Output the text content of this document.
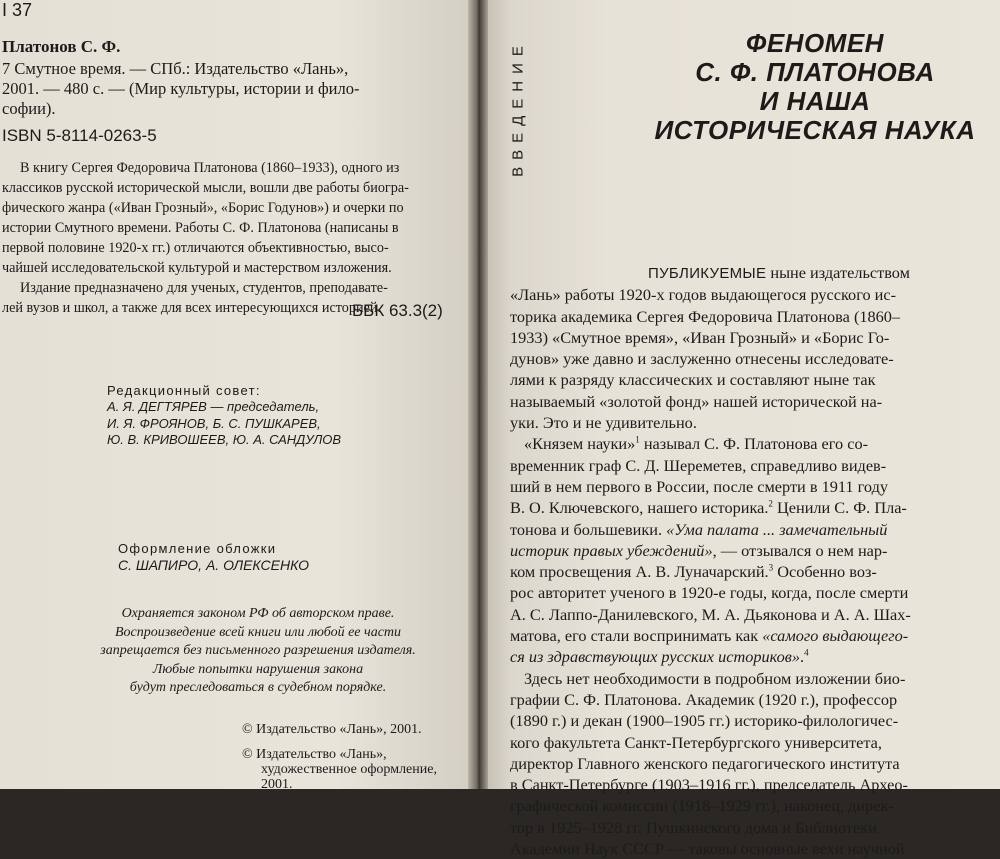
I 37
Платонов С. Ф.
7 Смутное время. — СПб.: Издательство «Лань»,
2001. — 480 с. — (Мир культуры, истории и фило-
софии).
ISBN 5-8114-0263-5
В книгу Сергея Федоровича Платонова (1860–1933), одного из
классиков русской исторической мысли, вошли две работы биогра-
фического жанра («Иван Грозный», «Борис Годунов») и очерки по
истории Смутного времени. Работы С. Ф. Платонова (написаны в
первой половине 1920-х гг.) отличаются объективностью, высо-
чайшей исследовательской культурой и мастерством изложения.
Издание предназначено для ученых, студентов, преподавате-
лей вузов и школ, а также для всех интересующихся историей.
ББК 63.3(2)
Редакционный совет:
А. Я. ДЕГТЯРЕВ — председатель,
И. Я. ФРОЯНОВ, Б. С. ПУШКАРЕВ,
Ю. В. КРИВОШЕЕВ, Ю. А. САНДУЛОВ
Оформление обложки
С. ШАПИРО, А. ОЛЕКСЕНКО
Охраняется законом РФ об авторском праве.
Воспроизведение всей книги или любой ее части
запрещается без письменного разрешения издателя.
Любые попытки нарушения закона
будут преследоваться в судебном порядке.
© Издательство «Лань», 2001.
© Издательство «Лань»,
художественное оформление,
2001.
ВВЕДЕНИЕ	ФЕНОМЕН
С. Ф. ПЛАТОНОВА
И НАША
ИСТОРИЧЕСКАЯ НАУКА
ПУБЛИКУЕМЫЕ ныне издательством
«Лань» работы 1920-х годов выдающегося русского ис-
торика академика Сергея Федоровича Платонова (1860–
1933) «Смутное время», «Иван Грозный» и «Борис Го-
дунов» уже давно и заслуженно отнесены исследовате-
лями к разряду классических и составляют ныне так
называемый «золотой фонд» нашей исторической на-
уки. Это и не удивительно.
«Князем науки»$^1$ называл С. Ф. Платонова его со-
временник граф С. Д. Шереметев, справедливо видев-
ший в нем первого в России, после смерти в 1911 году
В. О. Ключевского, нашего историка.$^2$ Ценили С. Ф. Пла-
тонова и большевики. «Ума палата ... замечательный
историк правых убеждений», — отзывался о нем нар-
ком просвещения А. В. Луначарский.$^3$ Особенно воз-
рос авторитет ученого в 1920-е годы, когда, после смерти
А. С. Лаппо-Данилевского, М. А. Дьяконова и А. А. Шах-
матова, его стали воспринимать как «самого выдающего-
ся из здравствующих русских историков».$^4$
Здесь нет необходимости в подробном изложении био-
графии С. Ф. Платонова. Академик (1920 г.), профессор
(1890 г.) и декан (1900–1905 гг.) историко-филологичес-
кого факультета Санкт-Петербургского университета,
директор Главного женского педагогического института
в Санкт-Петербурге (1903–1916 гг.), председатель Архео-
графической комиссии (1918–1929 гг.), наконец, дирек-
тор в 1925–1928 гг. Пушкинского дома и Библиотеки
Академии Наук СССР — таковы основные вехи научной
